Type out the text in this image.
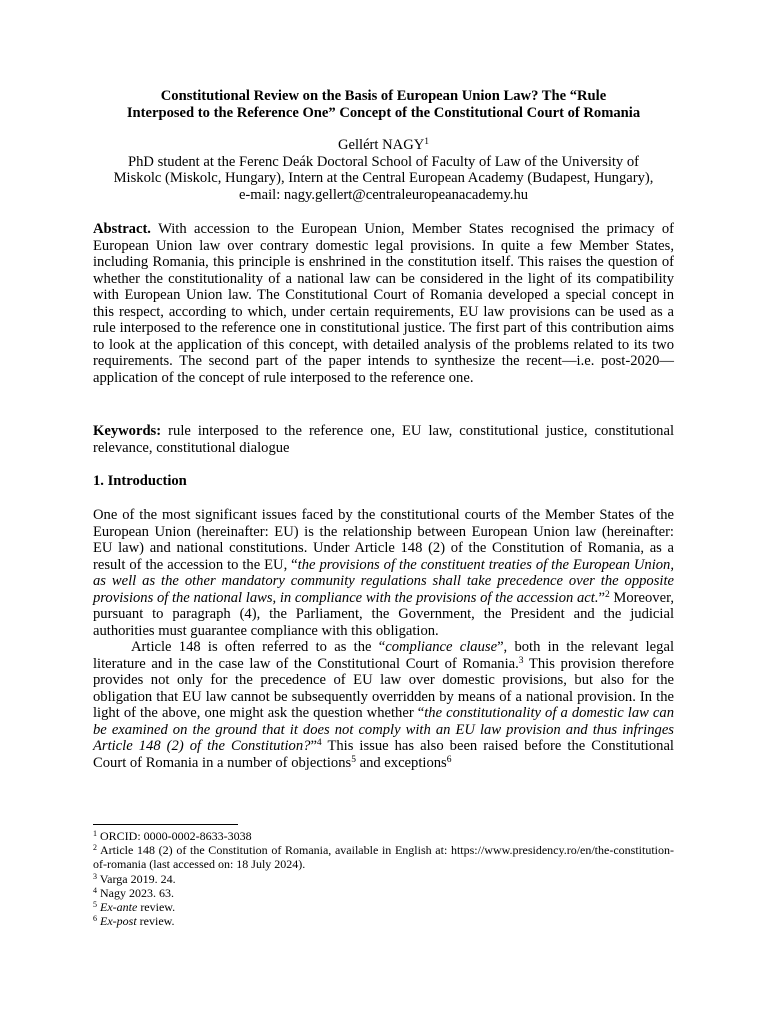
Constitutional Review on the Basis of European Union Law? The “Rule
Interposed to the Reference One” Concept of the Constitutional Court of Romania
Gellért NAGY$^1$
PhD student at the Ferenc Deák Doctoral School of Faculty of Law of the University of
Miskolc (Miskolc, Hungary), Intern at the Central European Academy (Budapest, Hungary),
e-mail: nagy.gellert@centraleuropeanacademy.hu
Abstract. With accession to the European Union, Member States recognised the primacy of European Union law over contrary domestic legal provisions. In quite a few Member States, including Romania, this principle is enshrined in the constitution itself. This raises the question of whether the constitutionality of a national law can be considered in the light of its compatibility with European Union law. The Constitutional Court of Romania developed a special concept in this respect, according to which, under certain requirements, EU law provisions can be used as a rule interposed to the reference one in constitutional justice. The first part of this contribution aims to look at the application of this concept, with detailed analysis of the problems related to its two requirements. The second part of the paper intends to synthesize the recent—i.e. post-2020—application of the concept of rule interposed to the reference one.
Keywords: rule interposed to the reference one, EU law, constitutional justice, constitutional relevance, constitutional dialogue
1. Introduction

One of the most significant issues faced by the constitutional courts of the Member States of the European Union (hereinafter: EU) is the relationship between European Union law (hereinafter: EU law) and national constitutions. Under Article 148 (2) of the Constitution of Romania, as a result of the accession to the EU, “the provisions of the constituent treaties of the European Union, as well as the other mandatory community regulations shall take precedence over the opposite provisions of the national laws, in compliance with the provisions of the accession act.”$^2$ Moreover, pursuant to paragraph (4), the Parliament, the Government, the President and the judicial authorities must guarantee compliance with this obligation.

Article 148 is often referred to as the “compliance clause”, both in the relevant legal literature and in the case law of the Constitutional Court of Romania.$^3$ This provision therefore provides not only for the precedence of EU law over domestic provisions, but also for the obligation that EU law cannot be subsequently overridden by means of a national provision. In the light of the above, one might ask the question whether “the constitutionality of a domestic law can be examined on the ground that it does not comply with an EU law provision and thus infringes Article 148 (2) of the Constitution?”$^4$ This issue has also been raised before the Constitutional Court of Romania in a number of objections$^5$ and exceptions$^6$

$^1$ ORCID: 0000-0002-8633-3038

$^2$ Article 148 (2) of the Constitution of Romania, available in English at: https://www.presidency.ro/en/the-constitution-of-romania (last accessed on: 18 July 2024).

$^3$ Varga 2019. 24.

$^4$ Nagy 2023. 63.

$^5$ Ex-ante review.

$^6$ Ex-post review.
